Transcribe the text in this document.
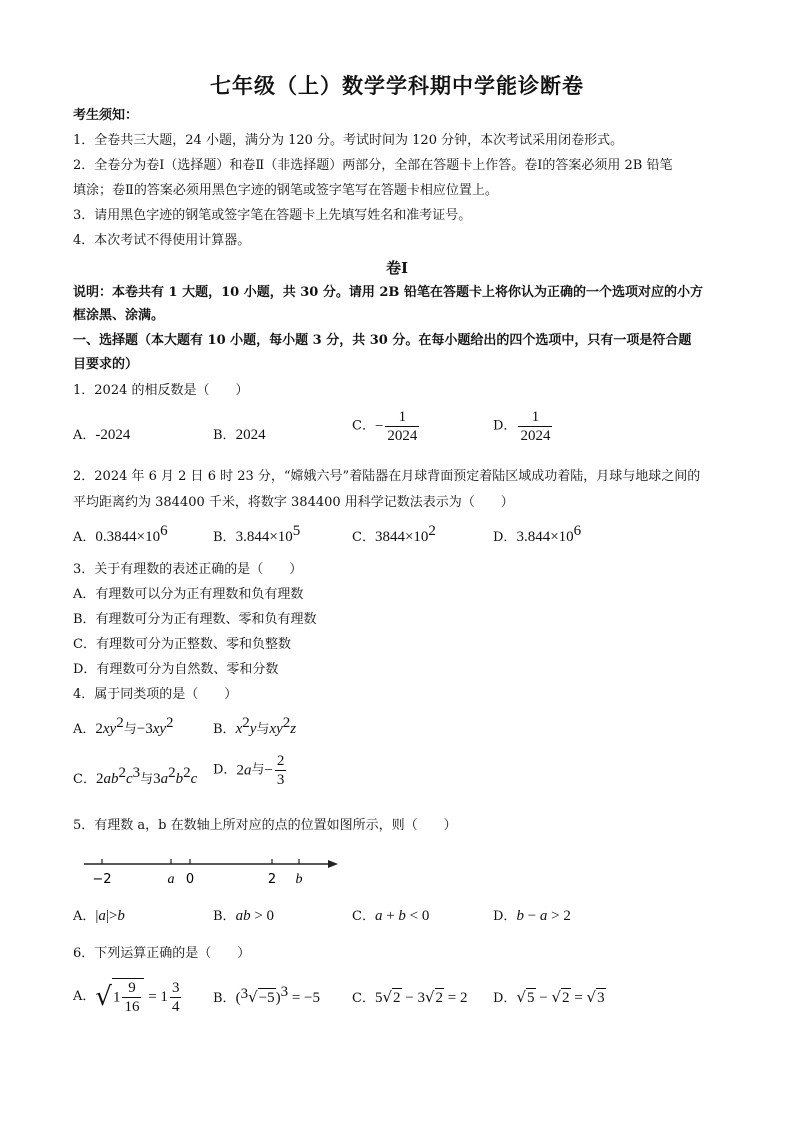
七年级（上）数学学科期中学能诊断卷
考生须知：
1．全卷共三大题，24 小题，满分为 120 分。考试时间为 120 分钟，本次考试采用闭卷形式。
2．全卷分为卷Ⅰ（选择题）和卷Ⅱ（非选择题）两部分，全部在答题卡上作答。卷Ⅰ的答案必须用 2B 铅笔
填涂；卷Ⅱ的答案必须用黑色字迹的钢笔或签字笔写在答题卡相应位置上。
3．请用黑色字迹的钢笔或签字笔在答题卡上先填写姓名和准考证号。
4．本次考试不得使用计算器。
卷Ⅰ
说明：本卷共有 1 大题，10 小题，共 30 分。请用 2B 铅笔在答题卡上将你认为正确的一个选项对应的小方
框涂黑、涂满。
一、选择题（本大题有 10 小题，每小题 3 分，共 30 分。在每小题给出的四个选项中，只有一项是符合题
目要求的）
1．2024 的相反数是（　　）
A．-2024	B．2024
C．− $\frac{1}{2024}$	D． $\frac{1}{2024}$
2．2024 年 6 月 2 日 6 时 23 分，“嫦娥六号”着陆器在月球背面预定着陆区域成功着陆，月球与地球之间的
平均距离约为 384400 千米，将数字 384400 用科学记数法表示为（　　）
A．$0.3844\times 10^6$	B．$3.844\times 10^5$	C．$3844\times 10^2$	D．$3.844\times 10^6$
3．关于有理数的表述正确的是（　　）
A．有理数可以分为正有理数和负有理数
B．有理数可分为正有理数、零和负有理数
C．有理数可分为正整数、零和负整数
D．有理数可分为自然数、零和分数
4．属于同类项的是（　　）
A．$2xy^2$与$-3xy^2$	B．$x^2y$与$xy^2z$
C．$2ab^2c^3$与$3a^2b^2c$
D．2a与− $\frac{2}{3}$
5．有理数 a，b 在数轴上所对应的点的位置如图所示，则（　　）
−2	a 0	2 b
A．|a|>b	B．ab > 0	C．a + b < 0	D．b − a > 2
6．下列运算正确的是（　　）
A．$√1 \frac{9}{16} = 1 \frac{3}{4}$ B．$(^3√-5)^3 = -5$ C．5√2 − 3√2 = 2 D．√5 − √2 = √3
